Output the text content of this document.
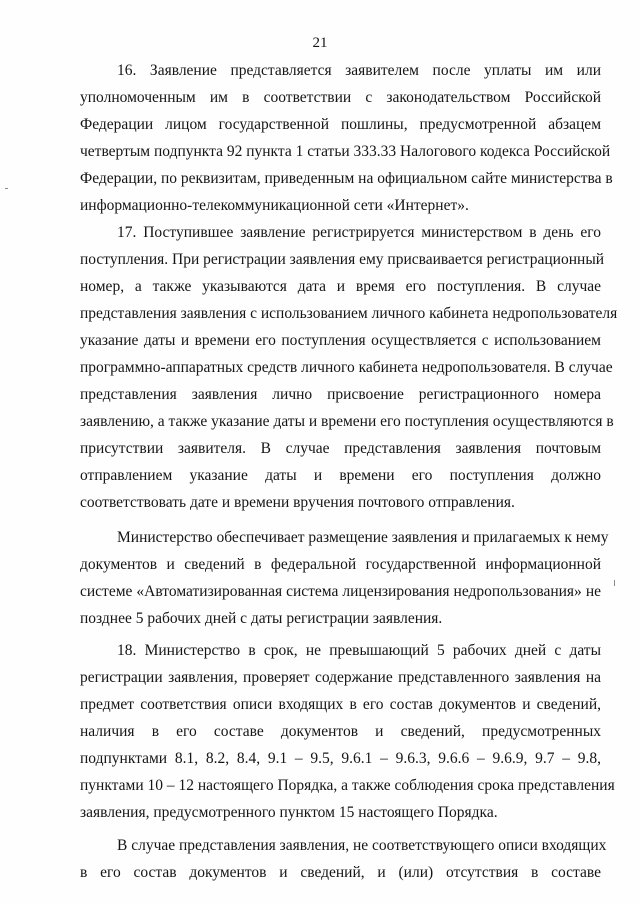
21

16. Заявление представляется заявителем после уплаты им или
уполномоченным им в соответствии с законодательством Российской
Федерации лицом государственной пошлины, предусмотренной абзацем
четвертым подпункта 92 пункта 1 статьи 333.33 Налогового кодекса Российской
Федерации, по реквизитам, приведенным на официальном сайте министерства в
информационно-телекоммуникационной сети «Интернет».

17. Поступившее заявление регистрируется министерством в день его
поступления. При регистрации заявления ему присваивается регистрационный
номер, а также указываются дата и время его поступления. В случае
представления заявления с использованием личного кабинета недропользователя
указание даты и времени его поступления осуществляется с использованием
программно-аппаратных средств личного кабинета недропользователя. В случае
представления заявления лично присвоение регистрационного номера
заявлению, а также указание даты и времени его поступления осуществляются в
присутствии заявителя. В случае представления заявления почтовым
отправлением указание даты и времени его поступления должно
соответствовать дате и времени вручения почтового отправления.

Министерство обеспечивает размещение заявления и прилагаемых к нему
документов и сведений в федеральной государственной информационной
системе «Автоматизированная система лицензирования недропользования» не
позднее 5 рабочих дней с даты регистрации заявления.

18. Министерство в срок, не превышающий 5 рабочих дней с даты
регистрации заявления, проверяет содержание представленного заявления на
предмет соответствия описи входящих в его состав документов и сведений,
наличия в его составе документов и сведений, предусмотренных
подпунктами 8.1, 8.2, 8.4, 9.1 – 9.5, 9.6.1 – 9.6.3, 9.6.6 – 9.6.9, 9.7 – 9.8,
пунктами 10 – 12 настоящего Порядка, а также соблюдения срока представления
заявления, предусмотренного пунктом 15 настоящего Порядка.

В случае представления заявления, не соответствующего описи входящих
в его состав документов и сведений, и (или) отсутствия в составе
